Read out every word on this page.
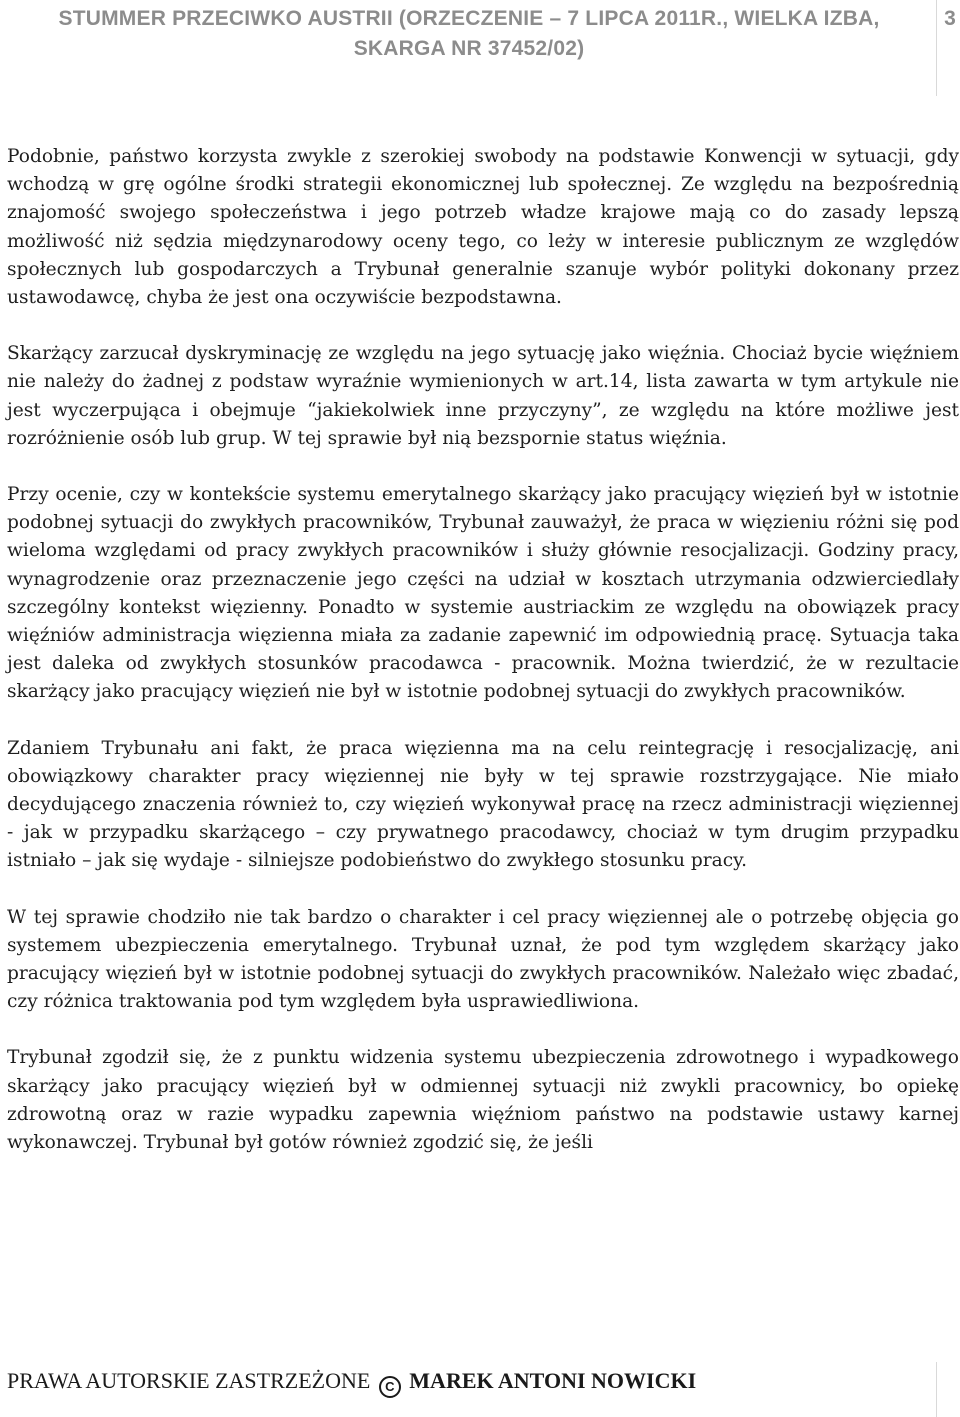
STUMMER PRZECIWKO AUSTRII (ORZECZENIE – 7 LIPCA 2011R., WIELKA IZBA, SKARGA NR 37452/02)
3

Podobnie, państwo korzysta zwykle z szerokiej swobody na podstawie Konwencji w sytuacji, gdy wchodzą w grę ogólne środki strategii ekonomicznej lub społecznej. Ze względu na bezpośrednią znajomość swojego społeczeństwa i jego potrzeb władze krajowe mają co do zasady lepszą możliwość niż sędzia międzynarodowy oceny tego, co leży w interesie publicznym ze względów społecznych lub gospodarczych a Trybunał generalnie szanuje wybór polityki dokonany przez ustawodawcę, chyba że jest ona oczywiście bezpodstawna.

Skarżący zarzucał dyskryminację ze względu na jego sytuację jako więźnia. Chociaż bycie więźniem nie należy do żadnej z podstaw wyraźnie wymienionych w art.14, lista zawarta w tym artykule nie jest wyczerpująca i obejmuje “jakiekolwiek inne przyczyny”, ze względu na które możliwe jest rozróżnienie osób lub grup. W tej sprawie był nią bezspornie status więźnia.

Przy ocenie, czy w kontekście systemu emerytalnego skarżący jako pracujący więzień był w istotnie podobnej sytuacji do zwykłych pracowników, Trybunał zauważył, że praca w więzieniu różni się pod wieloma względami od pracy zwykłych pracowników i służy głównie resocjalizacji. Godziny pracy, wynagrodzenie oraz przeznaczenie jego części na udział w kosztach utrzymania odzwierciedlały szczególny kontekst więzienny. Ponadto w systemie austriackim ze względu na obowiązek pracy więźniów administracja więzienna miała za zadanie zapewnić im odpowiednią pracę. Sytuacja taka jest daleka od zwykłych stosunków pracodawca - pracownik. Można twierdzić, że w rezultacie skarżący jako pracujący więzień nie był w istotnie podobnej sytuacji do zwykłych pracowników.

Zdaniem Trybunału ani fakt, że praca więzienna ma na celu reintegrację i resocjalizację, ani obowiązkowy charakter pracy więziennej nie były w tej sprawie rozstrzygające. Nie miało decydującego znaczenia również to, czy więzień wykonywał pracę na rzecz administracji więziennej - jak w przypadku skarżącego – czy prywatnego pracodawcy, chociaż w tym drugim przypadku istniało – jak się wydaje - silniejsze podobieństwo do zwykłego stosunku pracy.

W tej sprawie chodziło nie tak bardzo o charakter i cel pracy więziennej ale o potrzebę objęcia go systemem ubezpieczenia emerytalnego. Trybunał uznał, że pod tym względem skarżący jako pracujący więzień był w istotnie podobnej sytuacji do zwykłych pracowników. Należało więc zbadać, czy różnica traktowania pod tym względem była usprawiedliwiona.

Trybunał zgodził się, że z punktu widzenia systemu ubezpieczenia zdrowotnego i wypadkowego skarżący jako pracujący więzień był w odmiennej sytuacji niż zwykli pracownicy, bo opiekę zdrowotną oraz w razie wypadku zapewnia więźniom państwo na podstawie ustawy karnej wykonawczej. Trybunał był gotów również zgodzić się, że jeśli

PRAWA AUTORSKIE ZASTRZEŻONE C MAREK ANTONI NOWICKI
